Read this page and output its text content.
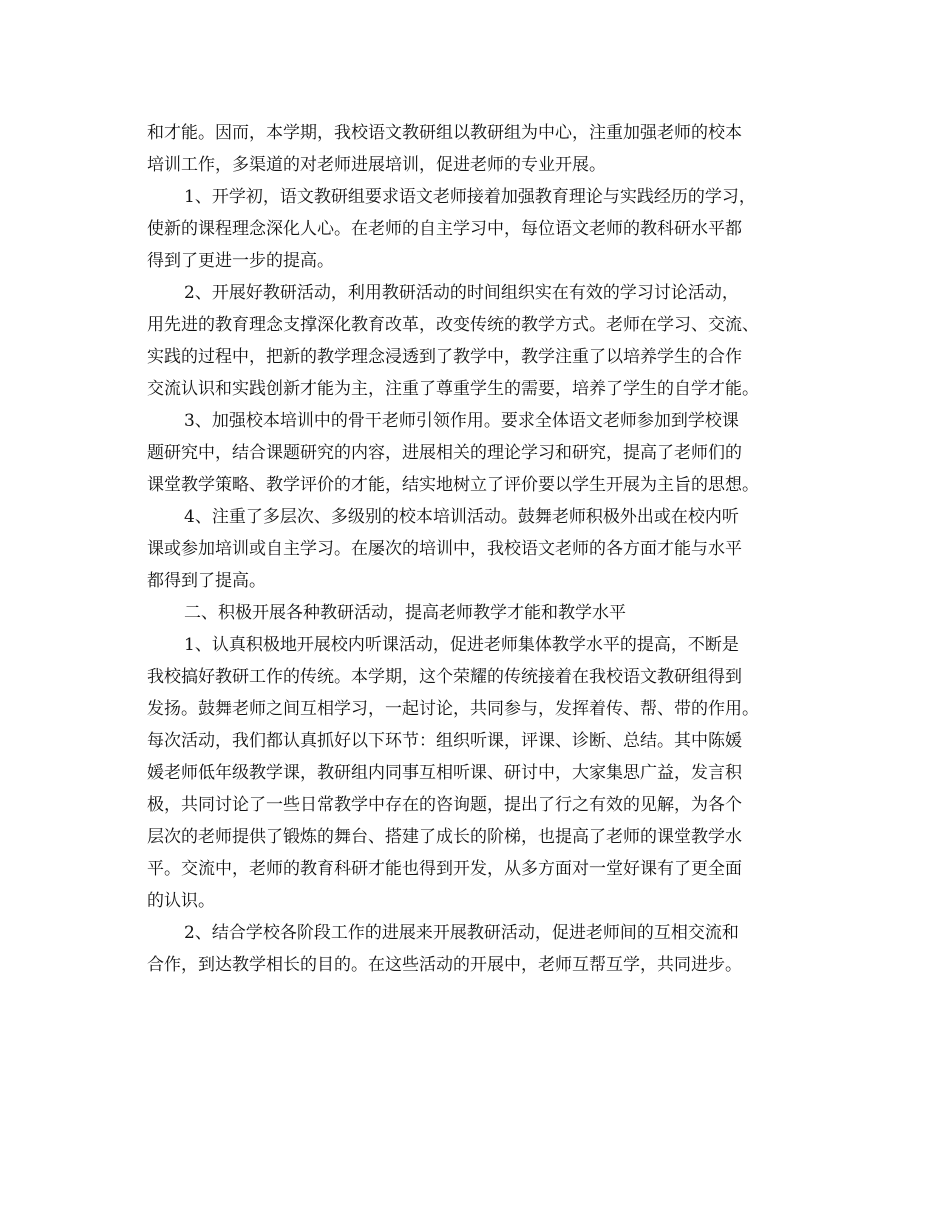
和才能。因而，本学期，我校语文教研组以教研组为中心，注重加强老师的校本
培训工作，多渠道的对老师进展培训，促进老师的专业开展。
1、开学初，语文教研组要求语文老师接着加强教育理论与实践经历的学习，
使新的课程理念深化人心。在老师的自主学习中，每位语文老师的教科研水平都
得到了更进一步的提高。
2、开展好教研活动，利用教研活动的时间组织实在有效的学习讨论活动，
用先进的教育理念支撑深化教育改革，改变传统的教学方式。老师在学习、交流、
实践的过程中，把新的教学理念浸透到了教学中，教学注重了以培养学生的合作
交流认识和实践创新才能为主，注重了尊重学生的需要，培养了学生的自学才能。
3、加强校本培训中的骨干老师引领作用。要求全体语文老师参加到学校课
题研究中，结合课题研究的内容，进展相关的理论学习和研究，提高了老师们的
课堂教学策略、教学评价的才能，结实地树立了评价要以学生开展为主旨的思想。
4、注重了多层次、多级别的校本培训活动。鼓舞老师积极外出或在校内听
课或参加培训或自主学习。在屡次的培训中，我校语文老师的各方面才能与水平
都得到了提高。
二、积极开展各种教研活动，提高老师教学才能和教学水平
1、认真积极地开展校内听课活动，促进老师集体教学水平的提高，不断是
我校搞好教研工作的传统。本学期，这个荣耀的传统接着在我校语文教研组得到
发扬。鼓舞老师之间互相学习，一起讨论，共同参与，发挥着传、帮、带的作用。
每次活动，我们都认真抓好以下环节：组织听课，评课、诊断、总结。其中陈媛
媛老师低年级教学课，教研组内同事互相听课、研讨中，大家集思广益，发言积
极，共同讨论了一些日常教学中存在的咨询题，提出了行之有效的见解，为各个
层次的老师提供了锻炼的舞台、搭建了成长的阶梯，也提高了老师的课堂教学水
平。交流中，老师的教育科研才能也得到开发，从多方面对一堂好课有了更全面
的认识。
2、结合学校各阶段工作的进展来开展教研活动，促进老师间的互相交流和
合作，到达教学相长的目的。在这些活动的开展中，老师互帮互学，共同进步。
